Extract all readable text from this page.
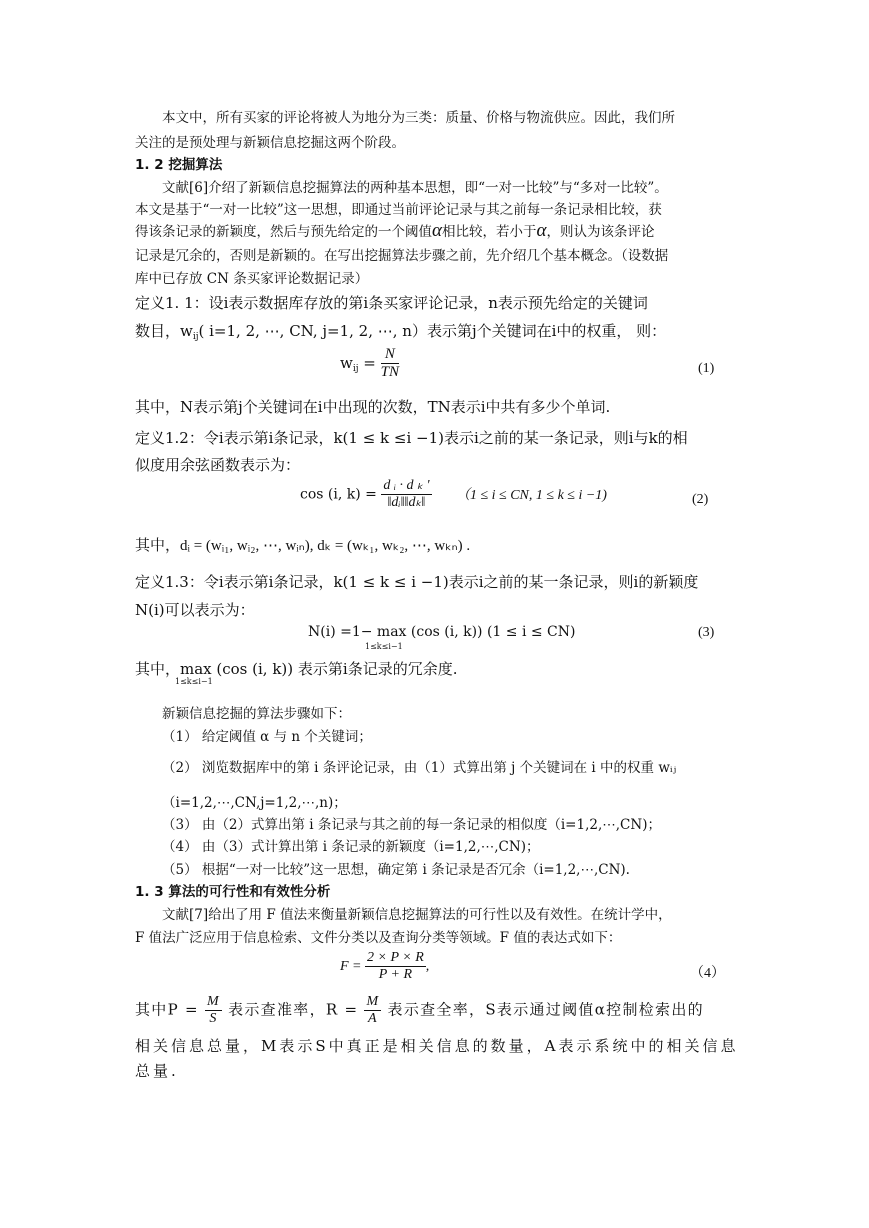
本文中，所有买家的评论将被人为地分为三类：质量、价格与物流供应。因此，我们所

关注的是预处理与新颖信息挖掘这两个阶段。

1. 2 挖掘算法

文献[6]介绍了新颖信息挖掘算法的两种基本思想，即“一对一比较”与“多对一比较”。

本文是基于“一对一比较”这一思想，即通过当前评论记录与其之前每一条记录相比较，获

得该条记录的新颖度，然后与预先给定的一个阈值α相比较，若小于α，则认为该条评论

记录是冗余的，否则是新颖的。在写出挖掘算法步骤之前，先介绍几个基本概念。（设数据

库中已存放 CN 条买家评论数据记录）

定义1. 1：设i表示数据库存放的第i条买家评论记录，n表示预先给定的关键词

数目，$w_{ij}$( i=1, 2, ⋯, CN, j=1, 2, ⋯, n）表示第j个关键词在i中的权重， 则：

$w_{ij} = \frac{N}{TN}$	(1)

其中，N表示第j个关键词在i中出现的次数，TN表示i中共有多少个单词.

定义1.2：令i表示第i条记录，k(1 ≤ k ≤i −1)表示i之前的某一条记录，则i与k的相

似度用余弦函数表示为：

cos (i, $k) = \frac{\text{d ᵢ · d ₖ '}}{\text{‖dᵢ‖‖dₖ‖}} (1 \le i$ ≤ CN, 1 ≤ k ≤ i −1)	(2)

其中，dᵢ = (wᵢ₁, wᵢ₂, ⋯, wᵢₙ), dₖ = (wₖ₁, wₖ₂, ⋯, wₖₙ) .

定义1.3：令i表示第i条记录，k(1 ≤ k ≤ i −1)表示i之前的某一条记录，则i的新颖度

N(i)可以表示为：

N(i) =1− max (cos (i, k)) (1 ≤ i ≤ CN)
1≤k≤i−1
(3)
其中，max (cos (i, k)) 表示第i条记录的冗余度.
1≤k≤i−1

新颖信息挖掘的算法步骤如下：

（1） 给定阈值 α 与 n 个关键词；

（2） 浏览数据库中的第 i 条评论记录，由（1）式算出第 j 个关键词在 i 中的权重 wᵢⱼ

（i=1,2,⋯,CN,j=1,2,⋯,n)；

（3） 由（2）式算出第 i 条记录与其之前的每一条记录的相似度（i=1,2,⋯,CN)；

（4） 由（3）式计算出第 i 条记录的新颖度（i=1,2,⋯,CN)；

（5） 根据“一对一比较”这一思想，确定第 i 条记录是否冗余（i=1,2,⋯,CN).

1. 3 算法的可行性和有效性分析

文献[7]给出了用 F 值法来衡量新颖信息挖掘算法的可行性以及有效性。在统计学中，

F 值法广泛应用于信息检索、文件分类以及查询分类等领域。F 值的表达式如下：

$F = \frac{2 \times P \times R}{P + R}$ ,	（4）
其中$P = \frac{M}{S}$ 表示查准率，$R = \frac{M}{A}$ 表示查全率，S表示通过阈值α控制检索出的

相关信息总量，M表示S中真正是相关信息的数量，A表示系统中的相关信息

总量.
